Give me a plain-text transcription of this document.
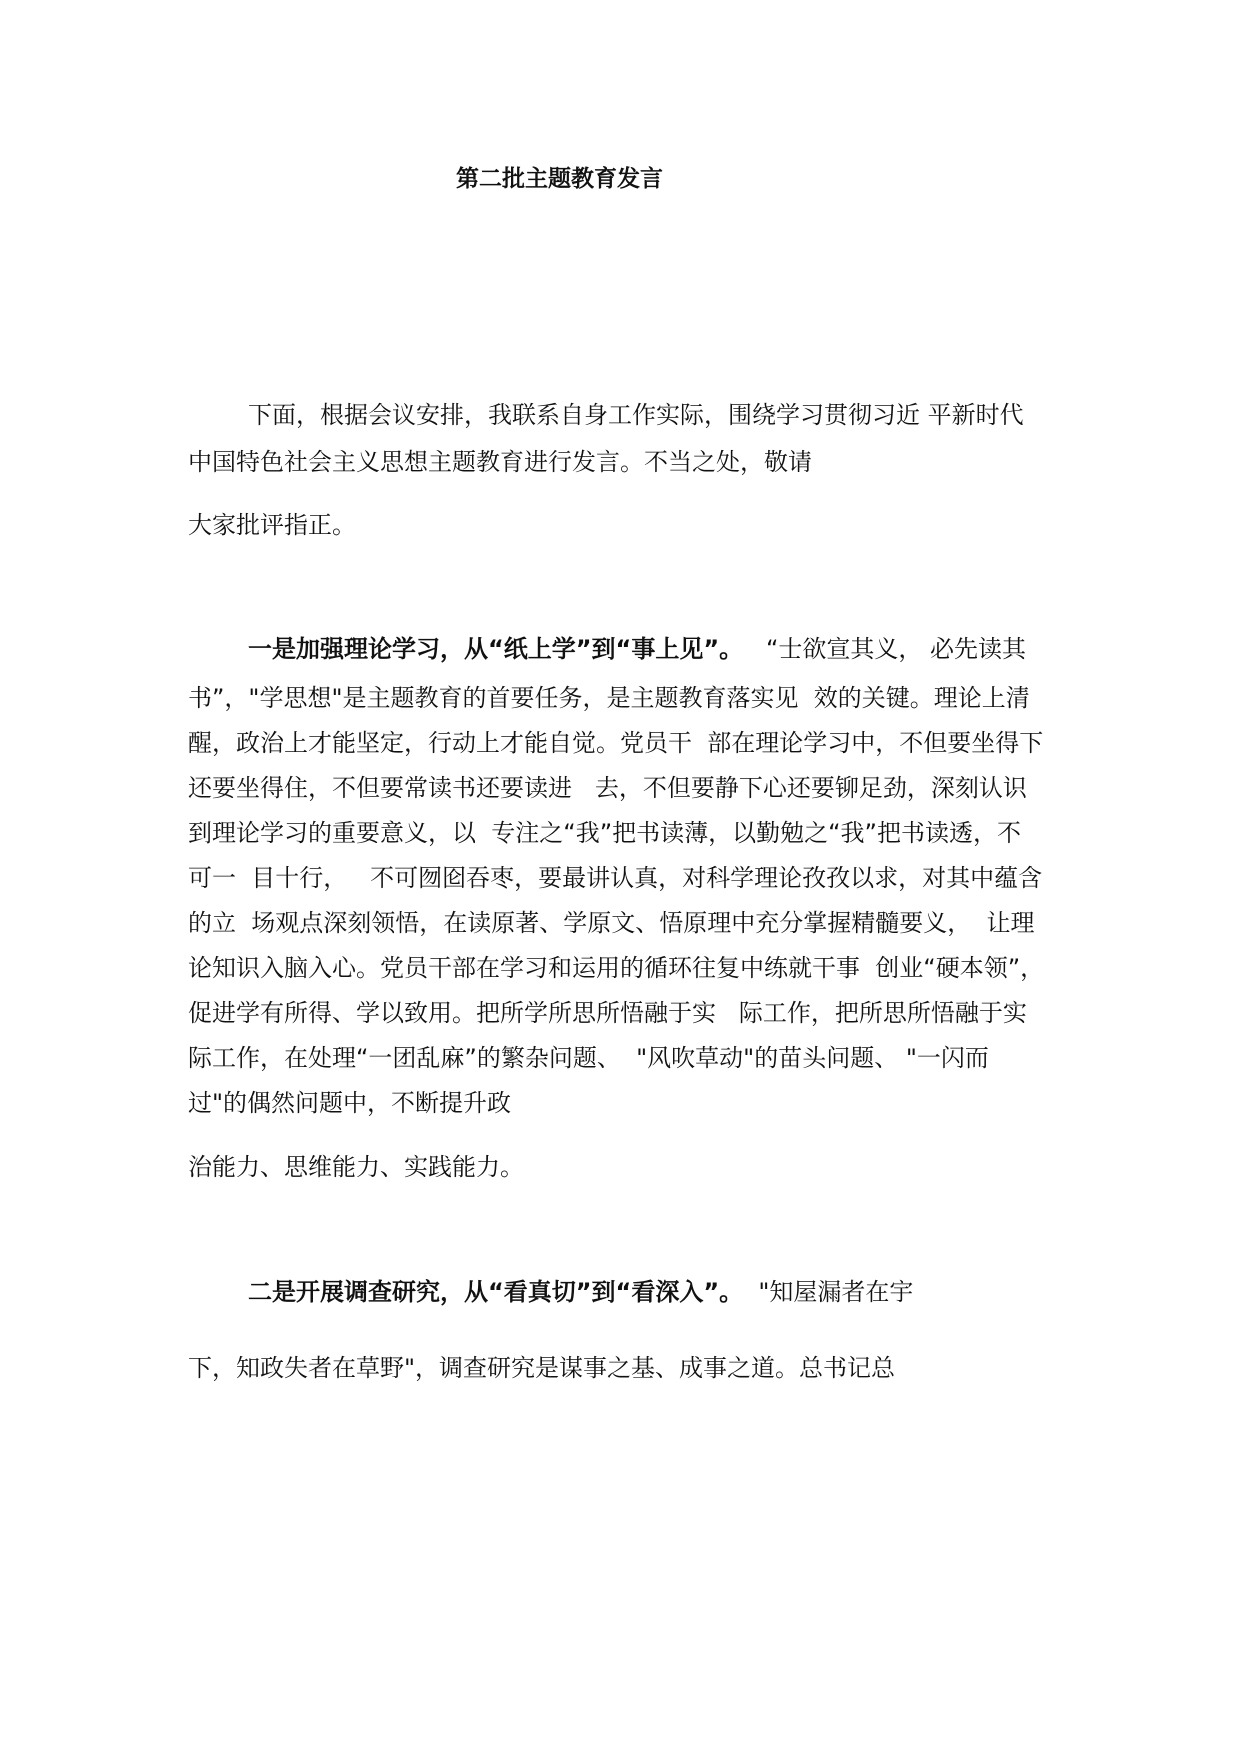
第二批主题教育发言
下面，根据会议安排，我联系自身工作实际，围绕学习贯彻习近 平新时代
中国特色社会主义思想主题教育进行发言。不当之处，敬请
大家批评指正。
一是加强理论学习，从“纸上学”到“事上见”。 “士欲宣其义， 必先读其
书”，"学思想"是主题教育的首要任务，是主题教育落实见  效的关键。理论上清
醒，政治上才能坚定，行动上才能自觉。党员干  部在理论学习中，不但要坐得下
还要坐得住，不但要常读书还要读进   去，不但要静下心还要铆足劲，深刻认识
到理论学习的重要意义，以  专注之“我”把书读薄，以勤勉之“我”把书读透，不
可一  目十行，   不可囫囵吞枣，要最讲认真，对科学理论孜孜以求，对其中蕴含
的立  场观点深刻领悟，在读原著、学原文、悟原理中充分掌握精髓要义，  让理
论知识入脑入心。党员干部在学习和运用的循环往复中练就干事  创业“硬本领”，
促进学有所得、学以致用。把所学所思所悟融于实   际工作，把所思所悟融于实
际工作，在处理“一团乱麻”的繁杂问题、  "风吹草动"的苗头问题、 "一闪而
过"的偶然问题中，不断提升政
治能力、思维能力、实践能力。
二是开展调查研究，从“看真切”到“看深入”。 "知屋漏者在宇
下，知政失者在草野"，调查研究是谋事之基、成事之道。总书记总
